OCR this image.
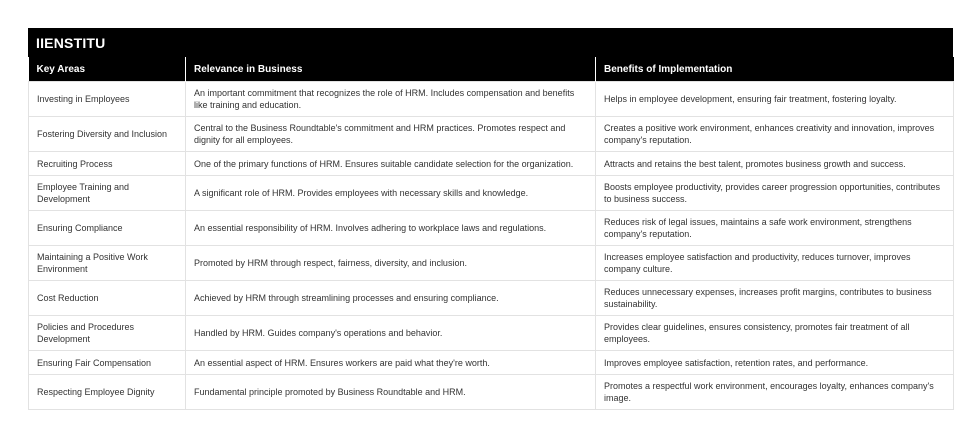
IIENSTITU
Key Areas	Relevance in Business	Benefits of Implementation
Investing in Employees	An important commitment that recognizes the role of HRM. Includes compensation and benefits like training and education.	Helps in employee development, ensuring fair treatment, fostering loyalty.
Fostering Diversity and Inclusion	Central to the Business Roundtable's commitment and HRM practices. Promotes respect and dignity for all employees.	Creates a positive work environment, enhances creativity and innovation, improves company's reputation.
Recruiting Process	One of the primary functions of HRM. Ensures suitable candidate selection for the organization.	Attracts and retains the best talent, promotes business growth and success.
Employee Training and Development	A significant role of HRM. Provides employees with necessary skills and knowledge.	Boosts employee productivity, provides career progression opportunities, contributes to business success.
Ensuring Compliance	An essential responsibility of HRM. Involves adhering to workplace laws and regulations.	Reduces risk of legal issues, maintains a safe work environment, strengthens company's reputation.
Maintaining a Positive Work Environment	Promoted by HRM through respect, fairness, diversity, and inclusion.	Increases employee satisfaction and productivity, reduces turnover, improves company culture.
Cost Reduction	Achieved by HRM through streamlining processes and ensuring compliance.	Reduces unnecessary expenses, increases profit margins, contributes to business sustainability.
Policies and Procedures Development	Handled by HRM. Guides company's operations and behavior.	Provides clear guidelines, ensures consistency, promotes fair treatment of all employees.
Ensuring Fair Compensation	An essential aspect of HRM. Ensures workers are paid what they're worth.	Improves employee satisfaction, retention rates, and performance.
Respecting Employee Dignity	Fundamental principle promoted by Business Roundtable and HRM.	Promotes a respectful work environment, encourages loyalty, enhances company's image.
